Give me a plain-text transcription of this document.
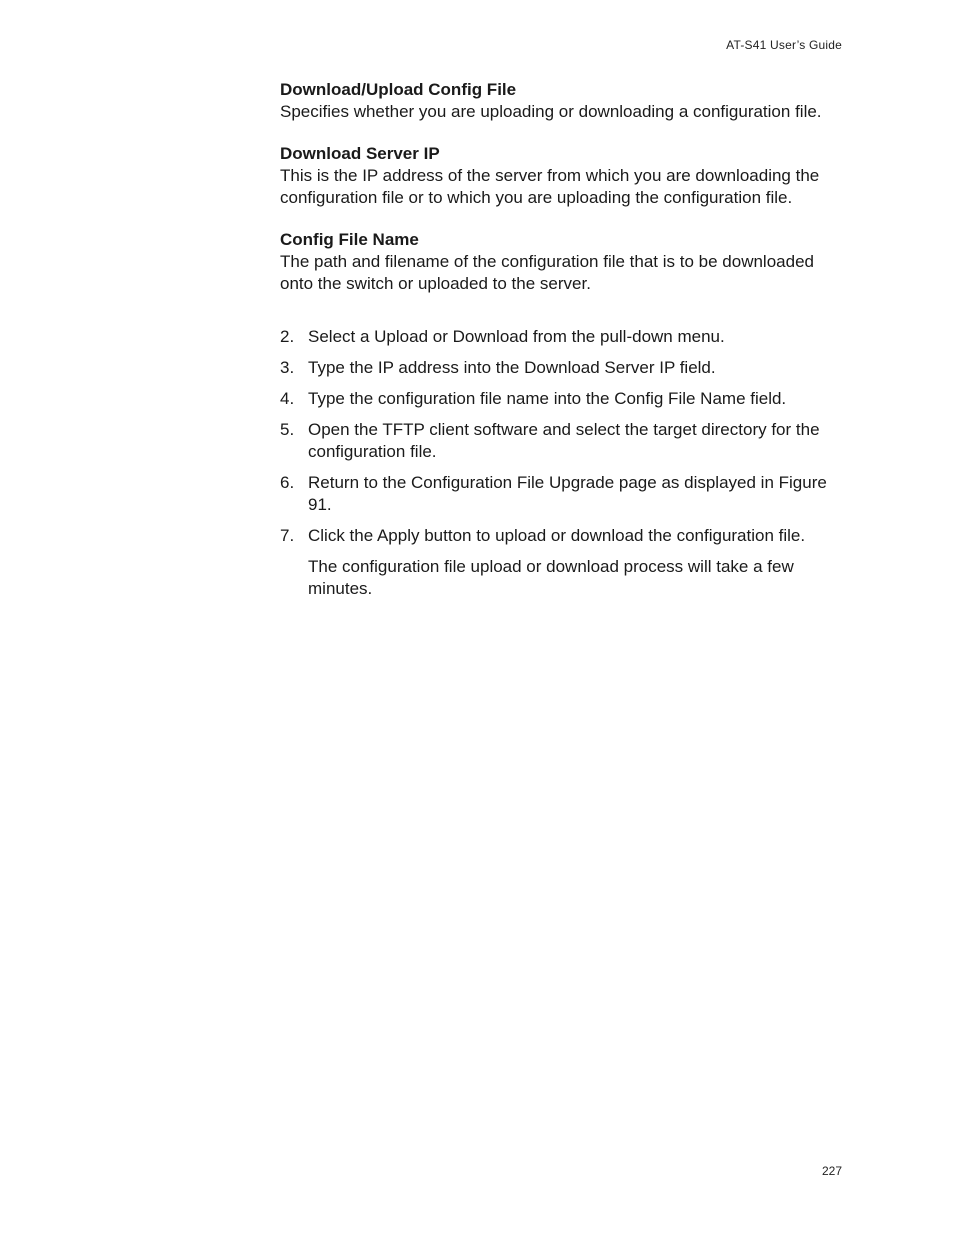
AT-S41 User’s Guide
Download/Upload Config File
Specifies whether you are uploading or downloading a configuration file.
Download Server IP
This is the IP address of the server from which you are downloading the configuration file or to which you are uploading the configuration file.
Config File Name
The path and filename of the configuration file that is to be downloaded onto the switch or uploaded to the server.
2. Select a Upload or Download from the pull-down menu.
3. Type the IP address into the Download Server IP field.
4. Type the configuration file name into the Config File Name field.
5. Open the TFTP client software and select the target directory for the configuration file.
6. Return to the Configuration File Upgrade page as displayed in Figure 91.
7. Click the Apply button to upload or download the configuration file.
The configuration file upload or download process will take a few minutes.
227
